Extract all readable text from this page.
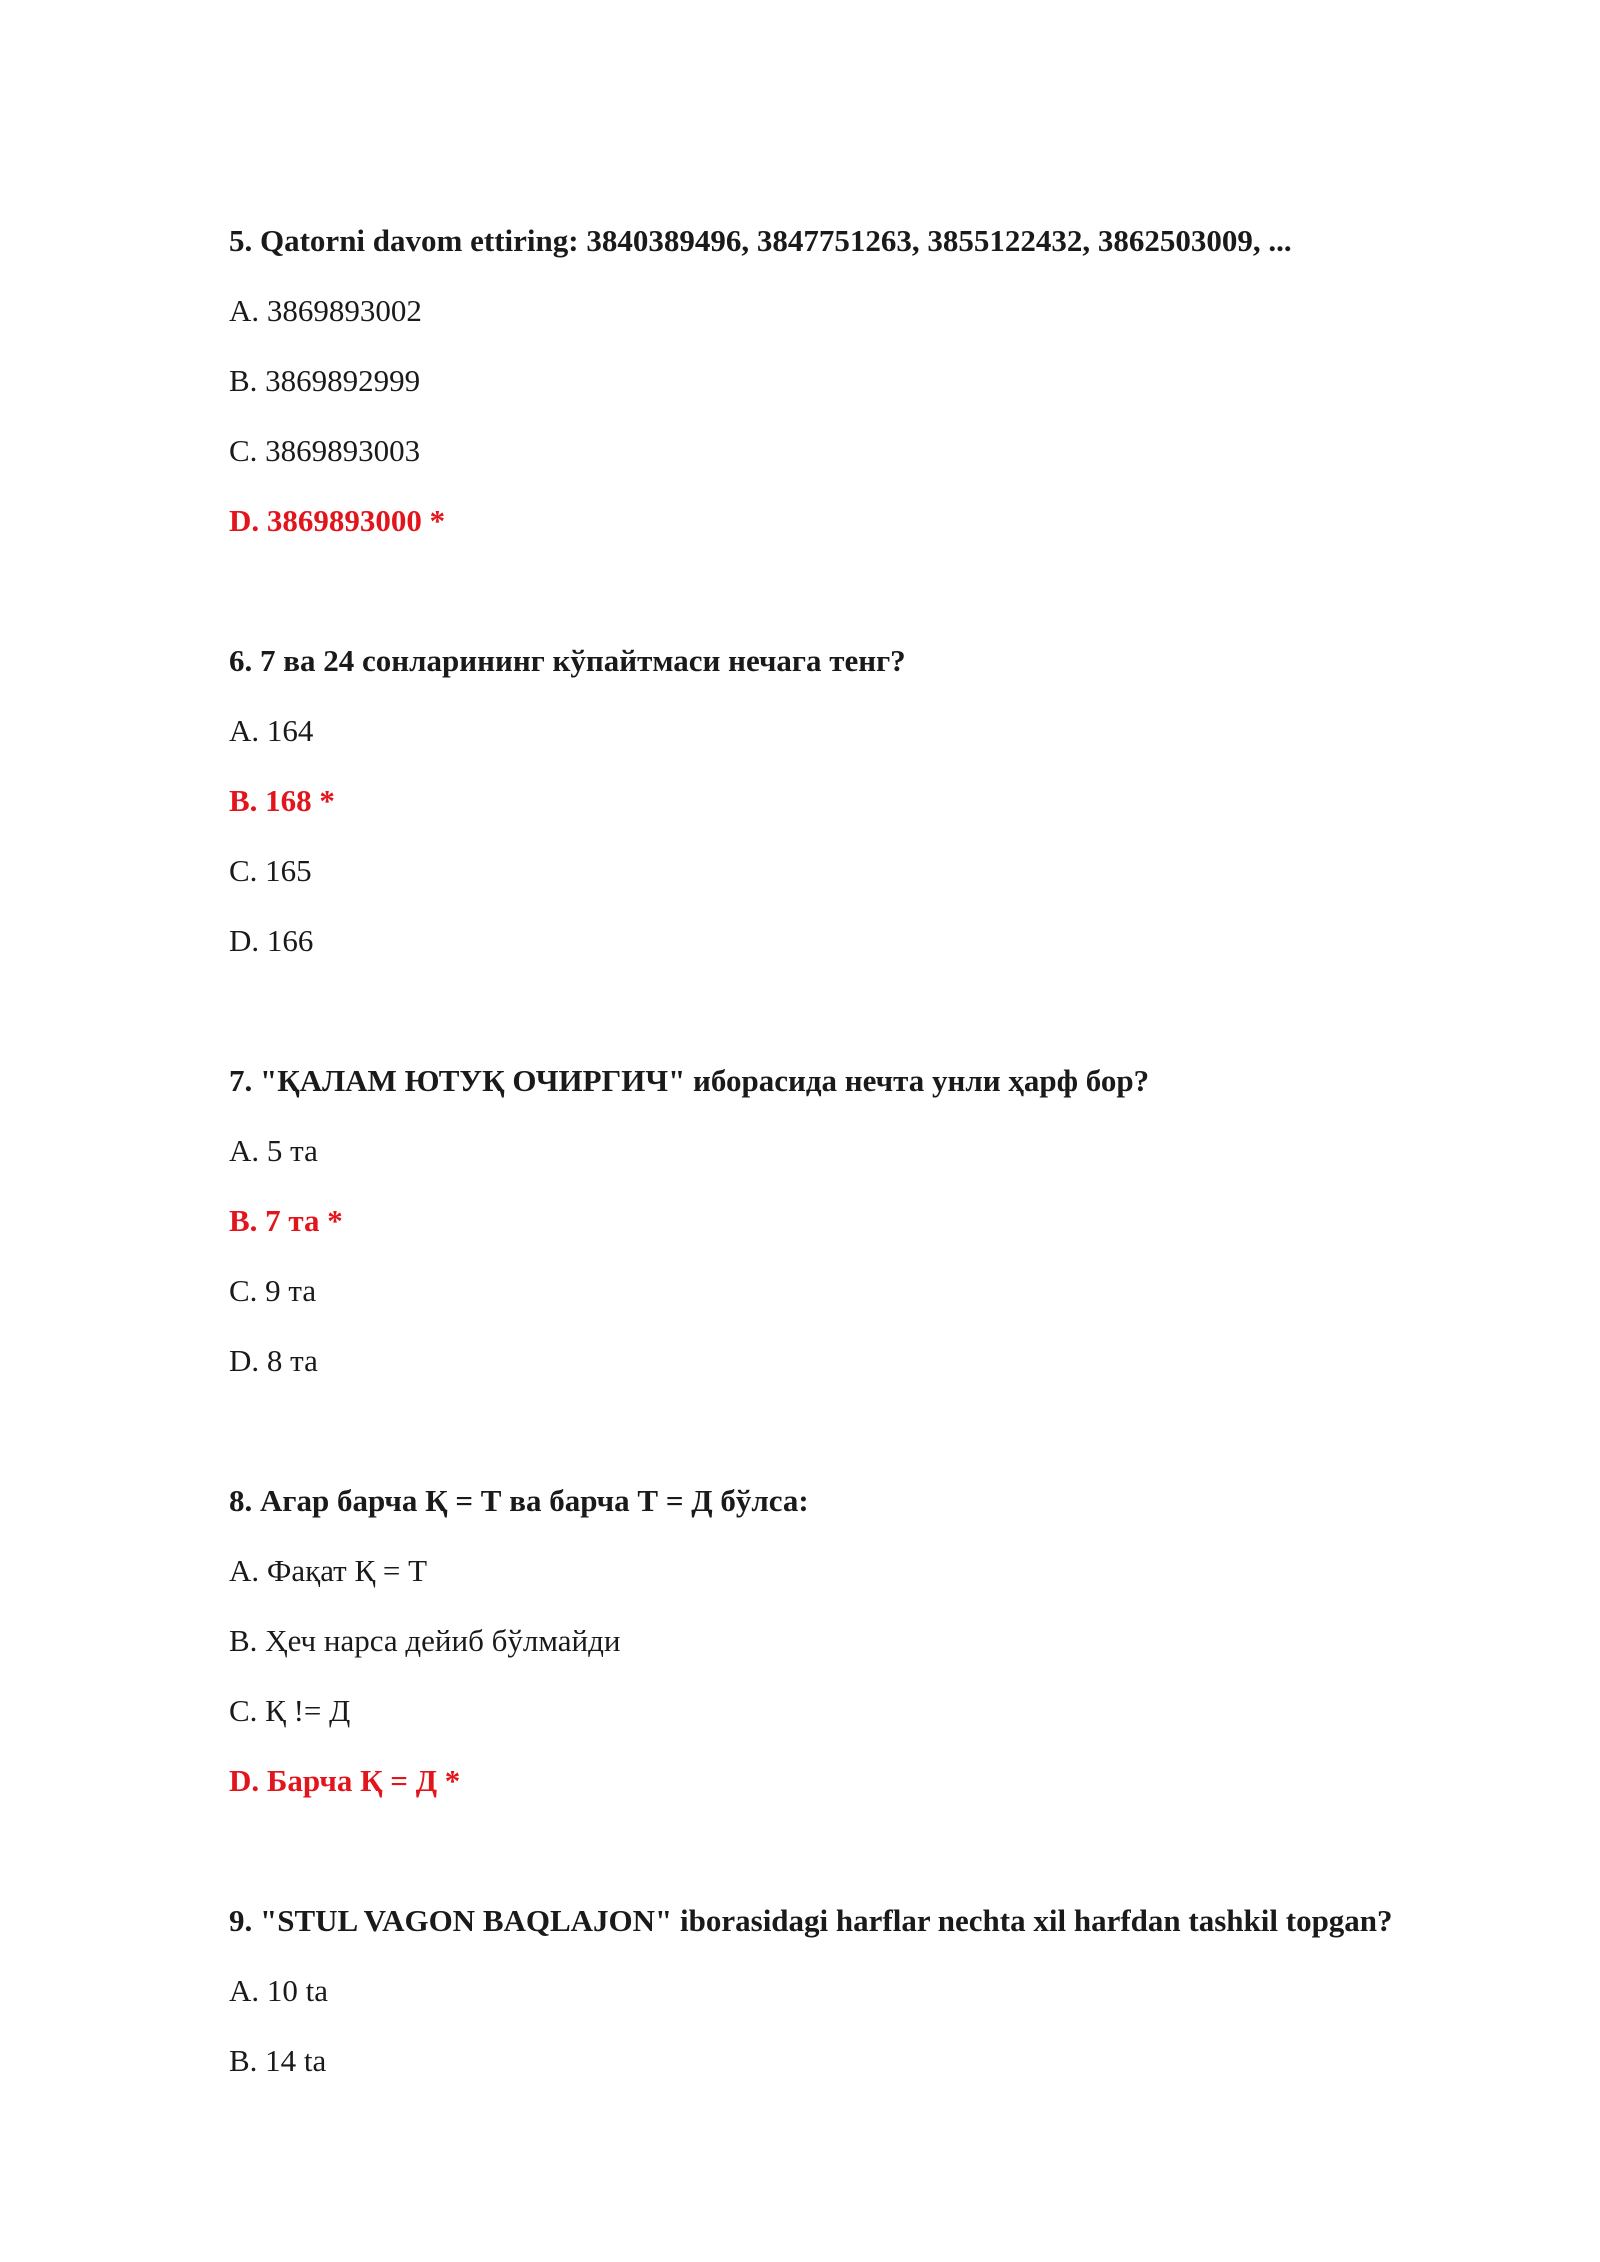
5. Qatorni davom ettiring: 3840389496, 3847751263, 3855122432, 3862503009, ...
A. 3869893002
B. 3869892999
C. 3869893003
D. 3869893000 *
6. 7 ва 24 сонларининг кўпайтмаси нечага тенг?
A. 164
B. 168 *
C. 165
D. 166
7. "ҚАЛАМ ЮТУҚ ОЧИРГИЧ" иборасида нечта унли ҳарф бор?
A. 5 та
B. 7 та *
C. 9 та
D. 8 та
8. Агар барча Қ = Т ва барча Т = Д бўлса:
A. Фақат Қ = Т
B. Ҳеч нарса дейиб бўлмайди
C. Қ != Д
D. Барча Қ = Д *
9. "STUL VAGON BAQLAJON" iborasidagi harflar nechta xil harfdan tashkil topgan?
A. 10 ta
B. 14 ta
